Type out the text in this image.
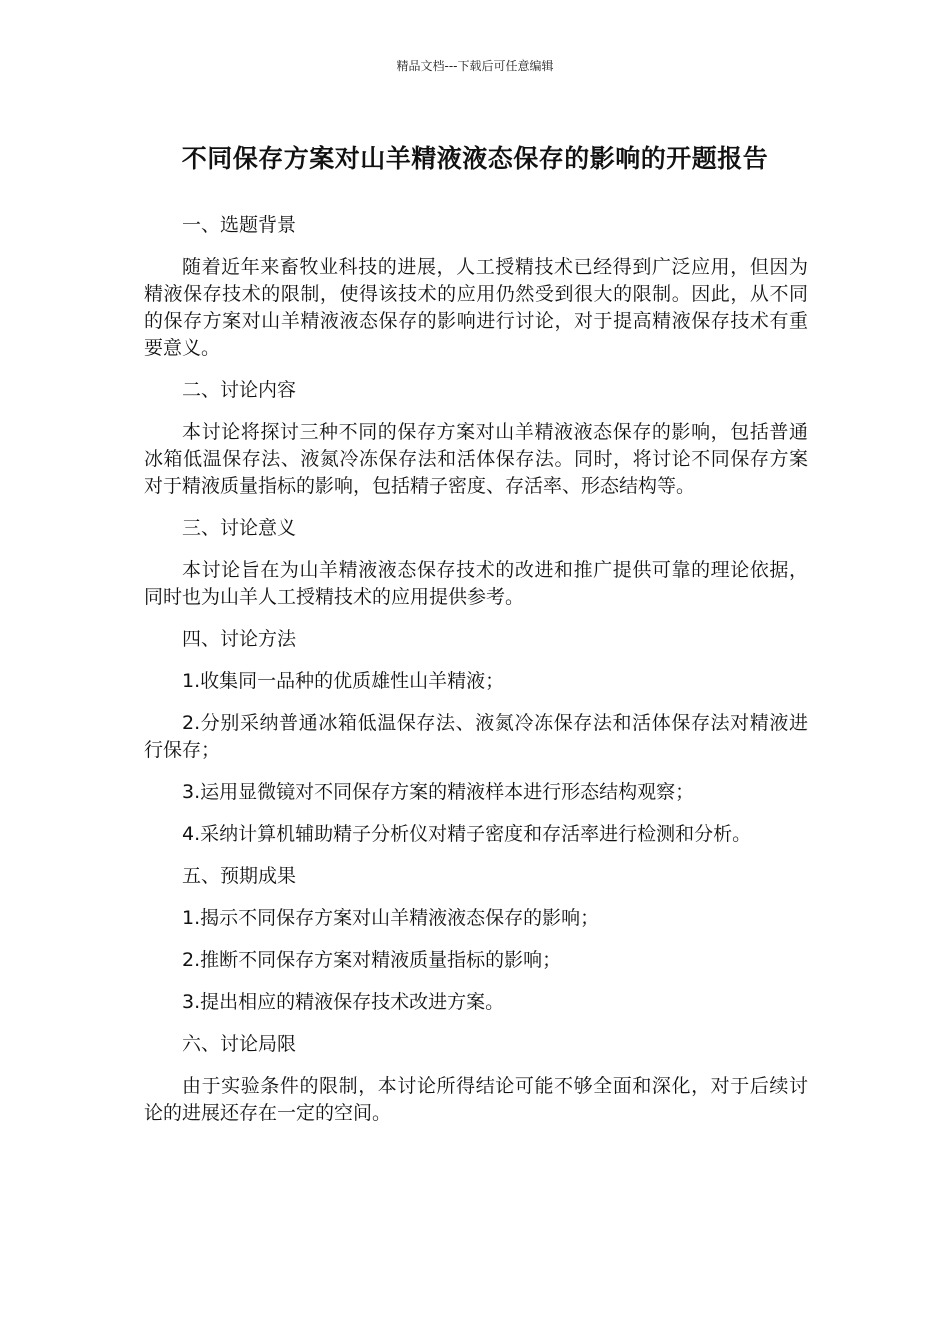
精品文档---下载后可任意编辑
不同保存方案对山羊精液液态保存的影响的开题报告

一、选题背景

随着近年来畜牧业科技的进展，人工授精技术已经得到广泛应用，但因为精液保存技术的限制，使得该技术的应用仍然受到很大的限制。因此，从不同的保存方案对山羊精液液态保存的影响进行讨论，对于提高精液保存技术有重要意义。

二、讨论内容

本讨论将探讨三种不同的保存方案对山羊精液液态保存的影响，包括普通冰箱低温保存法、液氮冷冻保存法和活体保存法。同时，将讨论不同保存方案对于精液质量指标的影响，包括精子密度、存活率、形态结构等。

三、讨论意义

本讨论旨在为山羊精液液态保存技术的改进和推广提供可靠的理论依据，同时也为山羊人工授精技术的应用提供参考。

四、讨论方法

1.收集同一品种的优质雄性山羊精液；

2.分别采纳普通冰箱低温保存法、液氮冷冻保存法和活体保存法对精液进行保存；

3.运用显微镜对不同保存方案的精液样本进行形态结构观察；

4.采纳计算机辅助精子分析仪对精子密度和存活率进行检测和分析。

五、预期成果

1.揭示不同保存方案对山羊精液液态保存的影响；

2.推断不同保存方案对精液质量指标的影响；

3.提出相应的精液保存技术改进方案。

六、讨论局限

由于实验条件的限制，本讨论所得结论可能不够全面和深化，对于后续讨论的进展还存在一定的空间。
